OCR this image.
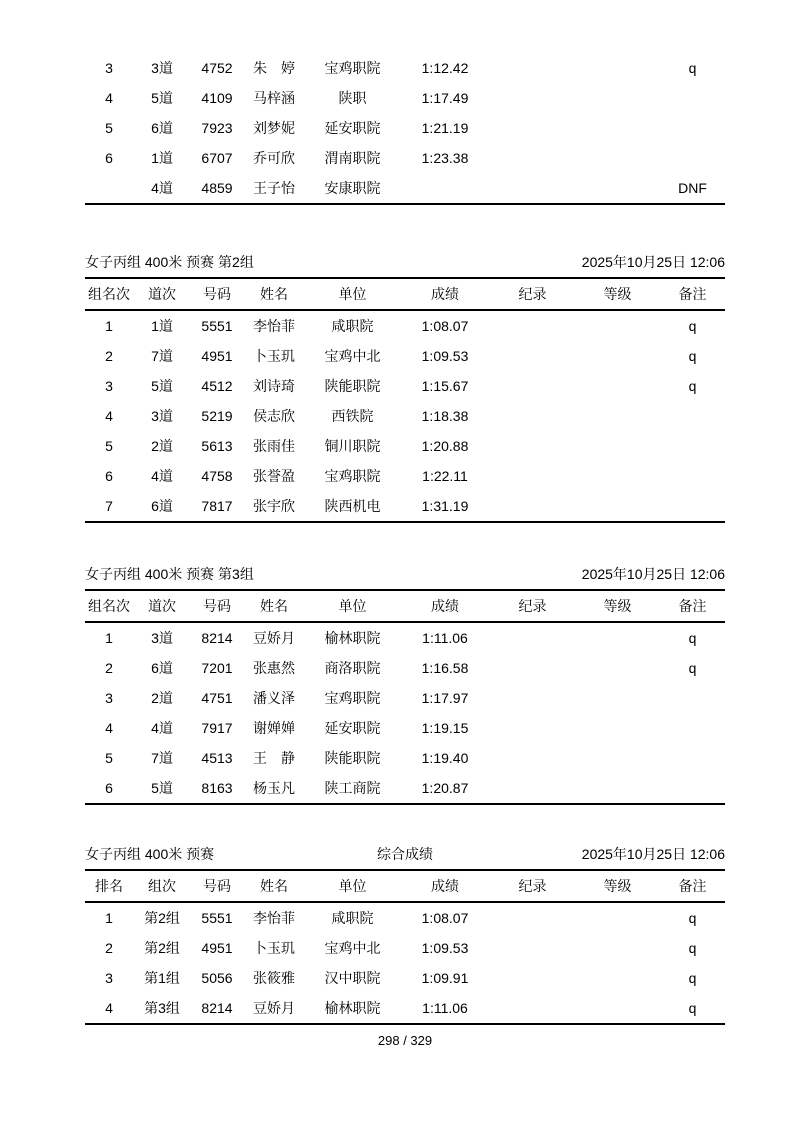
3	3道	4752	朱　婷	宝鸡职院	1:12.42			q
4	5道	4109	马梓涵	陕职	1:17.49			
5	6道	7923	刘梦妮	延安职院	1:21.19			
6	1道	6707	乔可欣	渭南职院	1:23.38			
	4道	4859	王子怡	安康职院				DNF
女子丙组 400米 预赛 第2组	2025年10月25日 12:06
组名次	道次	号码	姓名	单位	成绩	纪录	等级	备注
1	1道	5551	李怡菲	咸职院	1:08.07			q
2	7道	4951	卜玉玑	宝鸡中北	1:09.53			q
3	5道	4512	刘诗琦	陕能职院	1:15.67			q
4	3道	5219	侯志欣	西铁院	1:18.38			
5	2道	5613	张雨佳	铜川职院	1:20.88			
6	4道	4758	张誉盈	宝鸡职院	1:22.11			
7	6道	7817	张宇欣	陕西机电	1:31.19			
女子丙组 400米 预赛 第3组	2025年10月25日 12:06
组名次	道次	号码	姓名	单位	成绩	纪录	等级	备注
1	3道	8214	豆娇月	榆林职院	1:11.06			q
2	6道	7201	张惠然	商洛职院	1:16.58			q
3	2道	4751	潘义泽	宝鸡职院	1:17.97			
4	4道	7917	谢婵婵	延安职院	1:19.15			
5	7道	4513	王　静	陕能职院	1:19.40			
6	5道	8163	杨玉凡	陕工商院	1:20.87			
女子丙组 400米 预赛	综合成绩	2025年10月25日 12:06
排名	组次	号码	姓名	单位	成绩	纪录	等级	备注
1	第2组	5551	李怡菲	咸职院	1:08.07			q
2	第2组	4951	卜玉玑	宝鸡中北	1:09.53			q
3	第1组	5056	张筱雅	汉中职院	1:09.91			q
4	第3组	8214	豆娇月	榆林职院	1:11.06			q
298 / 329
